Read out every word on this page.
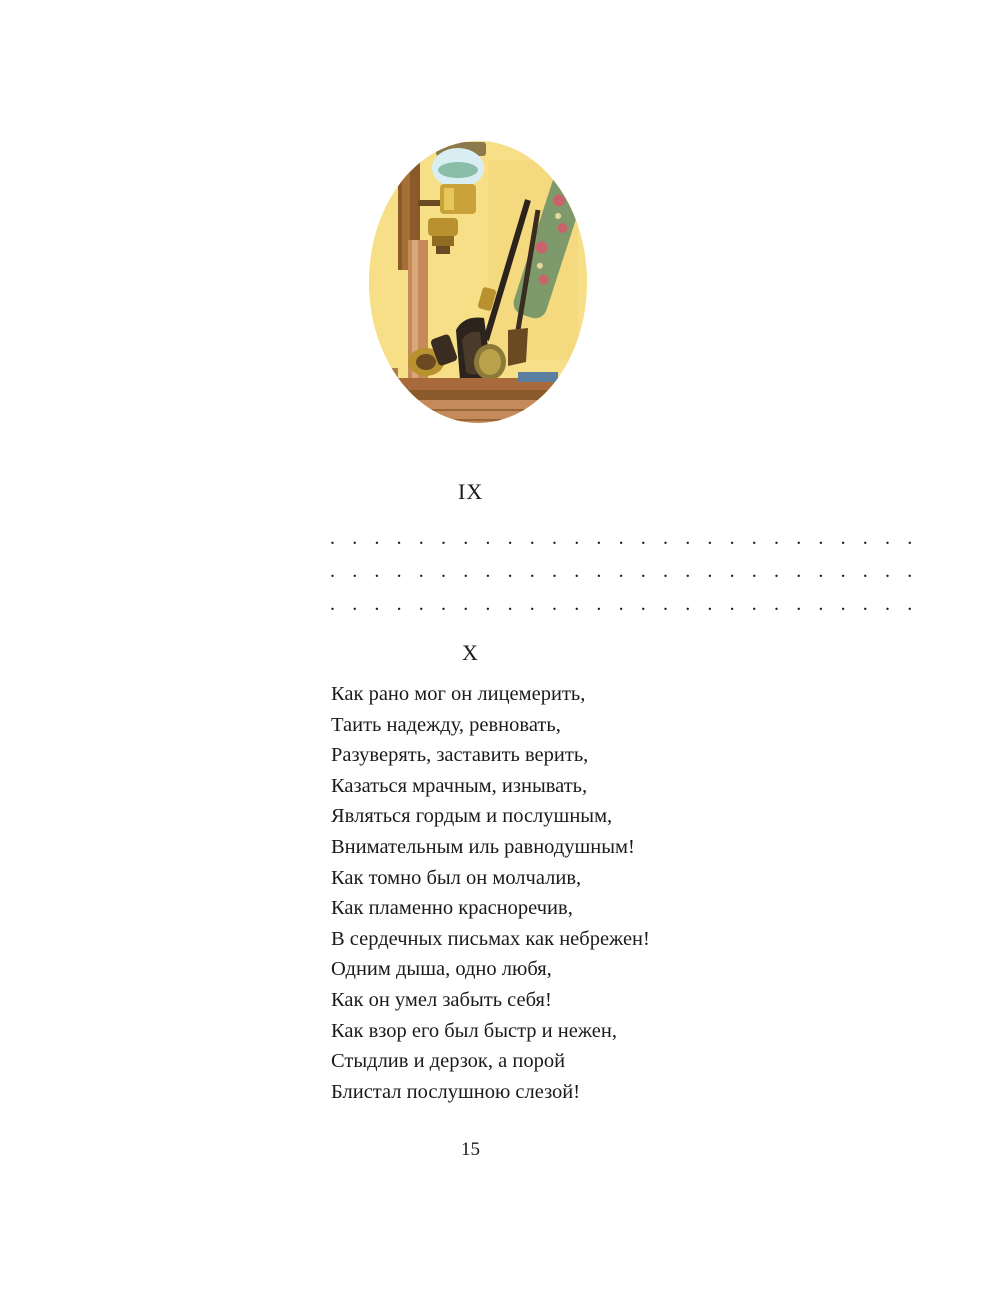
IX
. . . . . . . . . . . . . . . . . . . . . . . . . . .
. . . . . . . . . . . . . . . . . . . . . . . . . . .
. . . . . . . . . . . . . . . . . . . . . . . . . . .
X
Как рано мог он лицемерить,
Таить надежду, ревновать,
Разуверять, заставить верить,
Казаться мрачным, изнывать,
Являться гордым и послушным,
Внимательным иль равнодушным!
Как томно был он молчалив,
Как пламенно красноречив,
В сердечных письмах как небрежен!
Одним дыша, одно любя,
Как он умел забыть себя!
Как взор его был быстр и нежен,
Стыдлив и дерзок, а порой
Блистал послушною слезой!
15
